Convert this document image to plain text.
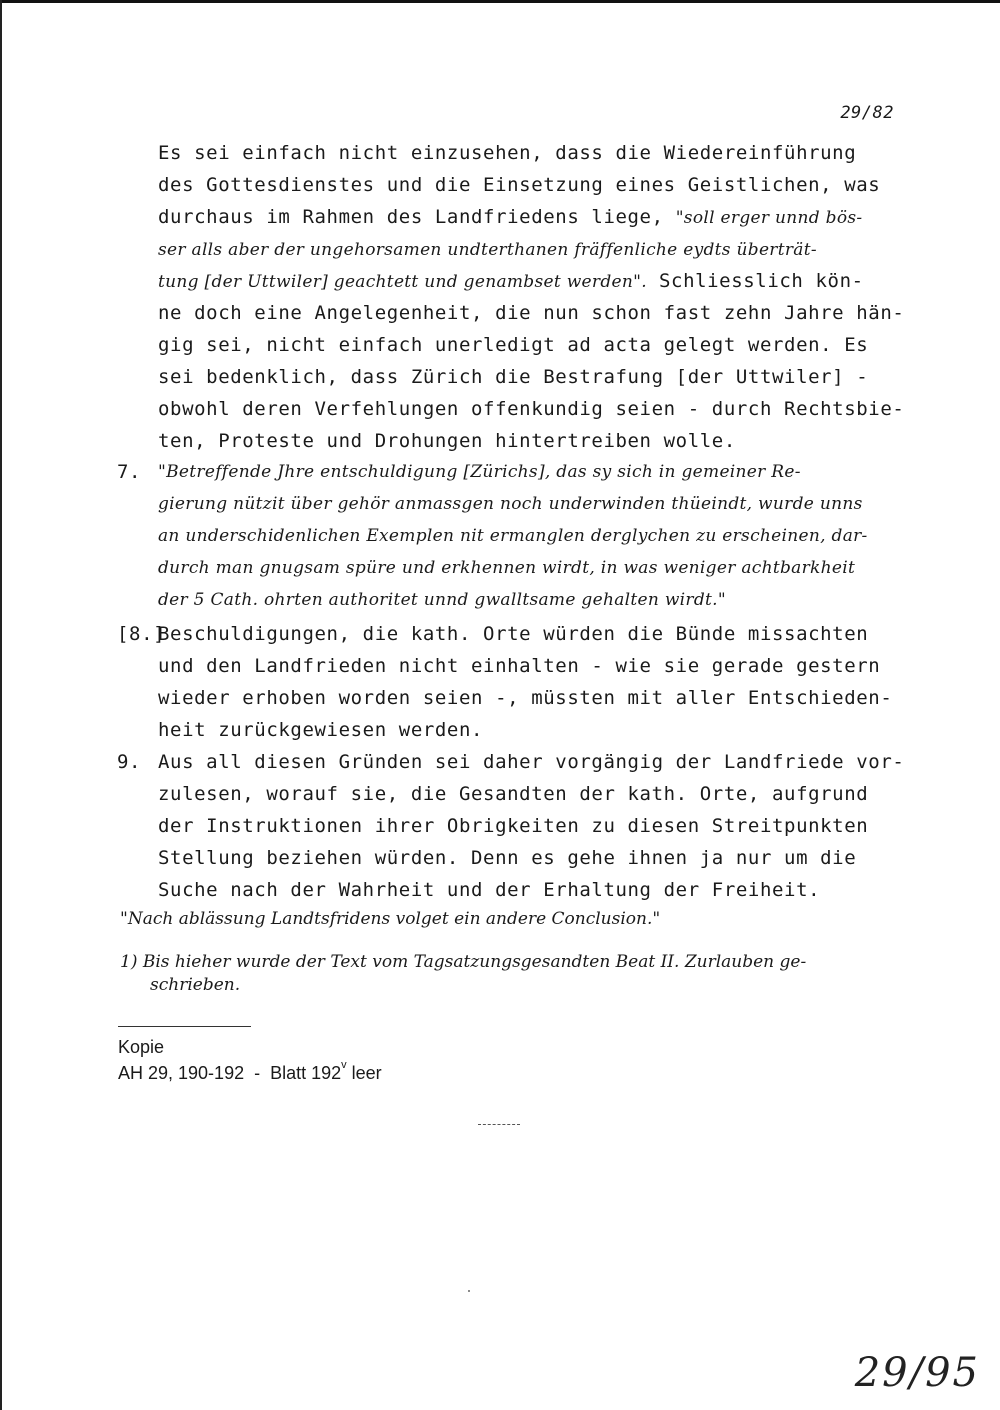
29/82
Es sei einfach nicht einzusehen, dass die Wiedereinführung
des Gottesdienstes und die Einsetzung eines Geistlichen, was
durchaus im Rahmen des Landfriedens liege, "soll erger unnd bös-
ser alls aber der ungehorsamen undterthanen fräffenliche eydts überträt-
tung [der Uttwiler] geachtett und genambset werden". Schliesslich kön-
ne doch eine Angelegenheit, die nun schon fast zehn Jahre hän-
gig sei, nicht einfach unerledigt ad acta gelegt werden. Es
sei bedenklich, dass Zürich die Bestrafung [der Uttwiler] -
obwohl deren Verfehlungen offenkundig seien - durch Rechtsbie-
ten, Proteste und Drohungen hintertreiben wolle.
7. "Betreffende Jhre entschuldigung [Zürichs], das sy sich in gemeiner Re-
gierung nützit über gehör anmassgen noch underwinden thüeindt, wurde unns
an underschidenlichen Exemplen nit ermanglen derglychen zu erscheinen, dar-
durch man gnugsam spüre und erkhennen wirdt, in was weniger achtbarkheit
der 5 Cath. ohrten authoritet unnd gwalltsame gehalten wirdt."
[8.]
Beschuldigungen, die kath. Orte würden die Bünde missachten
und den Landfrieden nicht einhalten - wie sie gerade gestern
wieder erhoben worden seien -, müssten mit aller Entschieden-
heit zurückgewiesen werden.
9. Aus all diesen Gründen sei daher vorgängig der Landfriede vor-
zulesen, worauf sie, die Gesandten der kath. Orte, aufgrund
der Instruktionen ihrer Obrigkeiten zu diesen Streitpunkten
Stellung beziehen würden. Denn es gehe ihnen ja nur um die
Suche nach der Wahrheit und der Erhaltung der Freiheit.
"Nach ablässung Landtsfridens volget ein andere Conclusion."
1) Bis hieher wurde der Text vom Tagsatzungsgesandten Beat II. Zurlauben ge-
schrieben.
Kopie
AH 29, 190-192  -  Blatt 192$^v$ leer
29/95
